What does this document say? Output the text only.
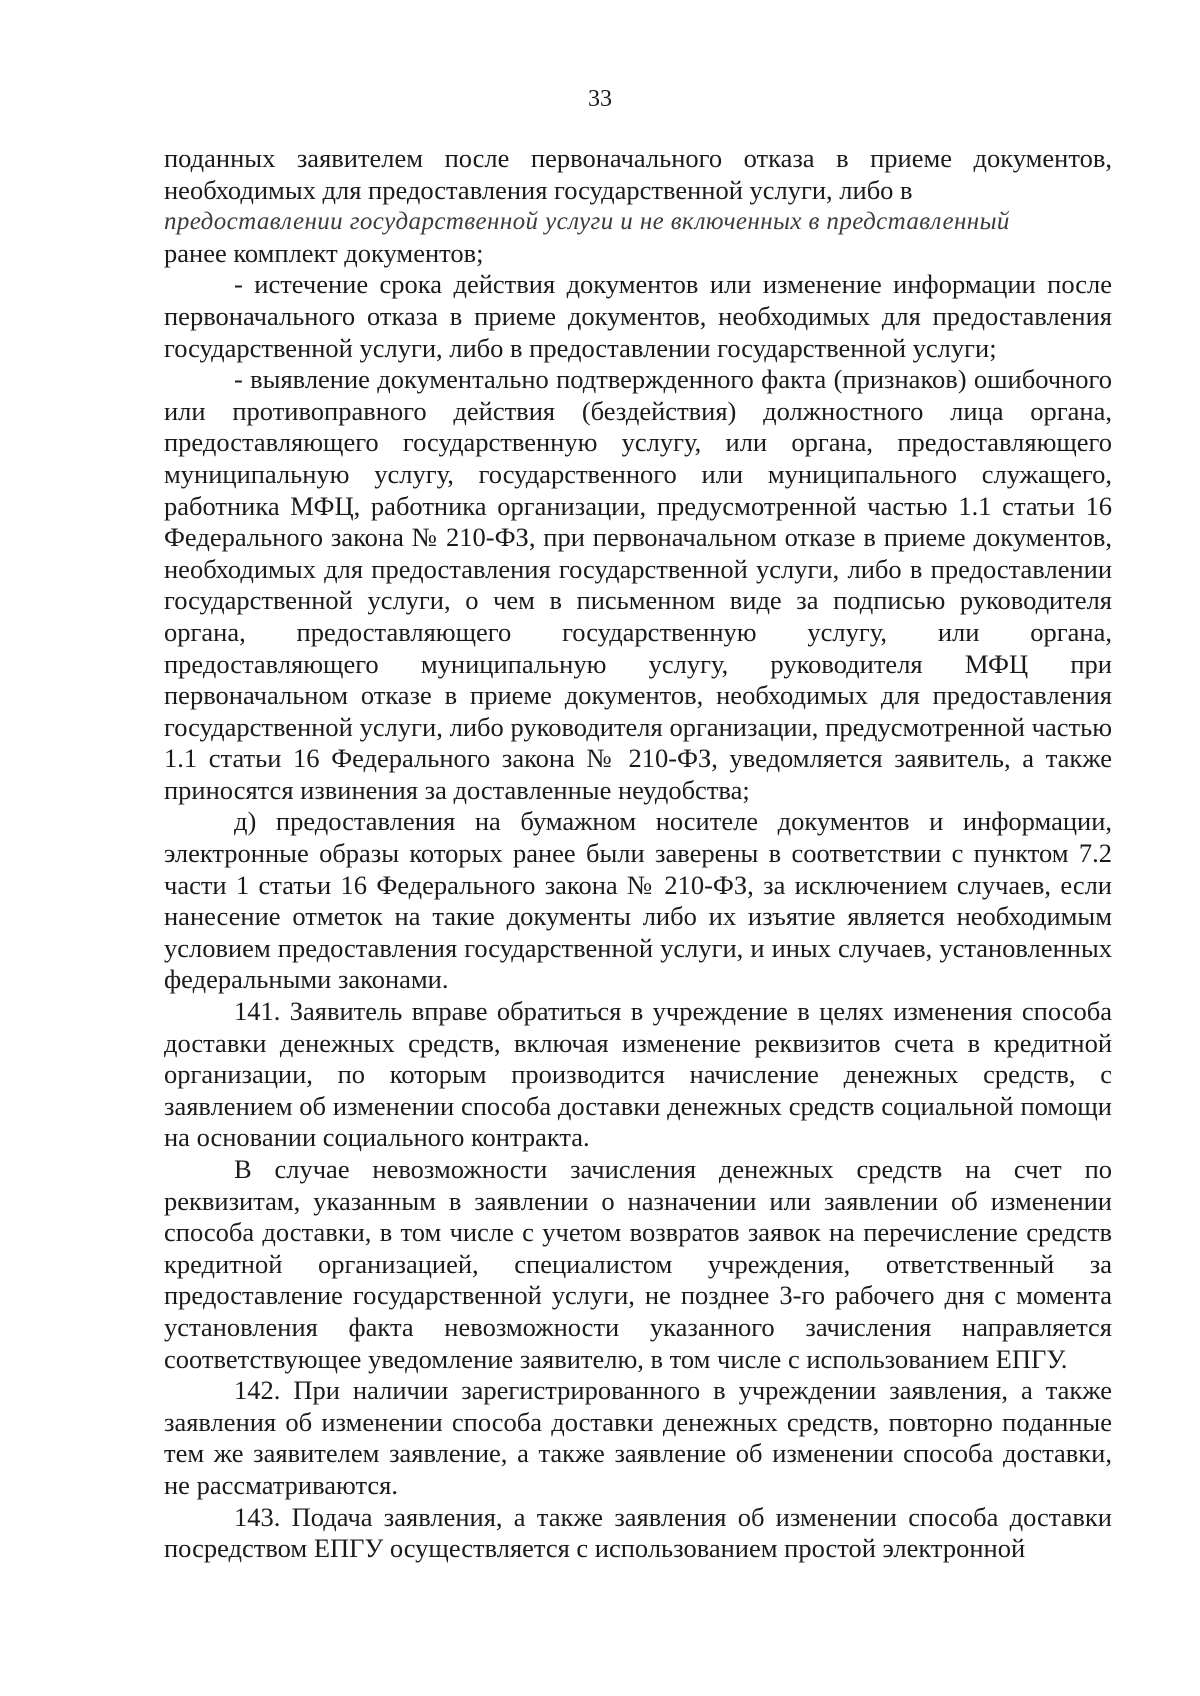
33

поданных заявителем после первоначального отказа в приеме документов, необходимых для предоставления государственной услуги, либо в

предоставлении государственной услуги и не включенных в представленный

ранее комплект документов;

- истечение срока действия документов или изменение информации после первоначального отказа в приеме документов, необходимых для предоставления государственной услуги, либо в предоставлении государственной услуги;

- выявление документально подтвержденного факта (признаков) ошибочного или противоправного действия (бездействия) должностного лица органа, предоставляющего государственную услугу, или органа, предоставляющего муниципальную услугу, государственного или муниципального служащего, работника МФЦ, работника организации, предусмотренной частью 1.1 статьи 16 Федерального закона № 210-ФЗ, при первоначальном отказе в приеме документов, необходимых для предоставления государственной услуги, либо в предоставлении государственной услуги, о чем в письменном виде за подписью руководителя органа, предоставляющего государственную услугу, или органа, предоставляющего муниципальную услугу, руководителя МФЦ при первоначальном отказе в приеме документов, необходимых для предоставления государственной услуги, либо руководителя организации, предусмотренной частью 1.1 статьи 16 Федерального закона № 210-ФЗ, уведомляется заявитель, а также приносятся извинения за доставленные неудобства;

д) предоставления на бумажном носителе документов и информации, электронные образы которых ранее были заверены в соответствии с пунктом 7.2 части 1 статьи 16 Федерального закона № 210-ФЗ, за исключением случаев, если нанесение отметок на такие документы либо их изъятие является необходимым условием предоставления государственной услуги, и иных случаев, установленных федеральными законами.

141. Заявитель вправе обратиться в учреждение в целях изменения способа доставки денежных средств, включая изменение реквизитов счета в кредитной организации, по которым производится начисление денежных средств, с заявлением об изменении способа доставки денежных средств социальной помощи на основании социального контракта.

В случае невозможности зачисления денежных средств на счет по реквизитам, указанным в заявлении о назначении или заявлении об изменении способа доставки, в том числе с учетом возвратов заявок на перечисление средств кредитной организацией, специалистом учреждения, ответственный за предоставление государственной услуги, не позднее 3-го рабочего дня с момента установления факта невозможности указанного зачисления направляется соответствующее уведомление заявителю, в том числе с использованием ЕПГУ.

142. При наличии зарегистрированного в учреждении заявления, а также заявления об изменении способа доставки денежных средств, повторно поданные тем же заявителем заявление, а также заявление об изменении способа доставки, не рассматриваются.

143. Подача заявления, а также заявления об изменении способа доставки посредством ЕПГУ осуществляется с использованием простой электронной
